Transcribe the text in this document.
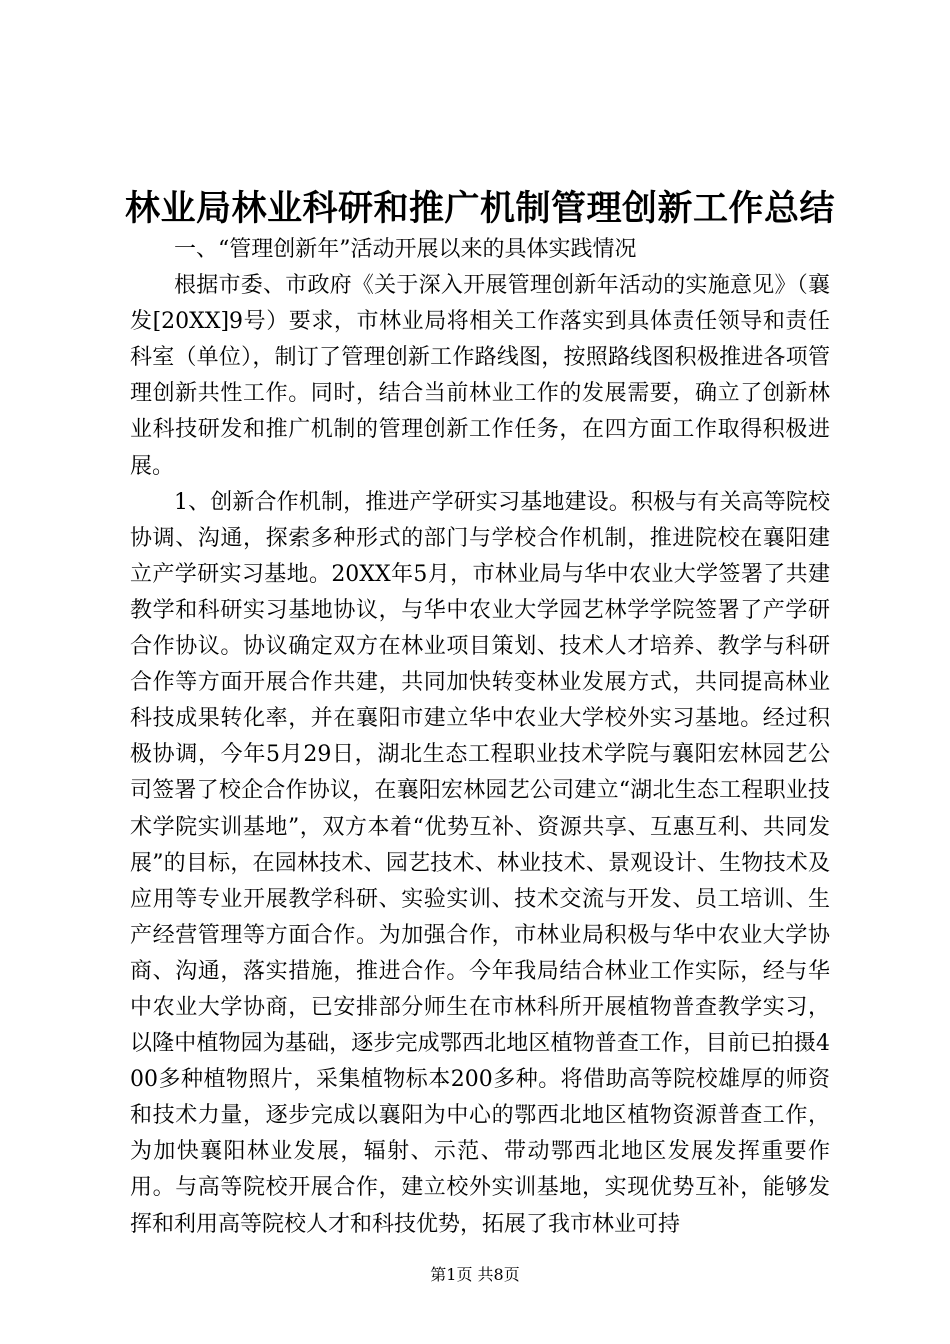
林业局林业科研和推广机制管理创新工作总结

一、“管理创新年”活动开展以来的具体实践情况

根据市委、市政府《关于深入开展管理创新年活动的实施意见》（襄发[20XX]9号）要求，市林业局将相关工作落实到具体责任领导和责任科室（单位），制订了管理创新工作路线图，按照路线图积极推进各项管理创新共性工作。同时，结合当前林业工作的发展需要，确立了创新林业科技研发和推广机制的管理创新工作任务，在四方面工作取得积极进展。

1、创新合作机制，推进产学研实习基地建设。积极与有关高等院校协调、沟通，探索多种形式的部门与学校合作机制，推进院校在襄阳建立产学研实习基地。20XX年5月，市林业局与华中农业大学签署了共建教学和科研实习基地协议，与华中农业大学园艺林学学院签署了产学研合作协议。协议确定双方在林业项目策划、技术人才培养、教学与科研合作等方面开展合作共建，共同加快转变林业发展方式，共同提高林业科技成果转化率，并在襄阳市建立华中农业大学校外实习基地。经过积极协调，今年5月29日，湖北生态工程职业技术学院与襄阳宏林园艺公司签署了校企合作协议，在襄阳宏林园艺公司建立“湖北生态工程职业技术学院实训基地”，双方本着“优势互补、资源共享、互惠互利、共同发展”的目标，在园林技术、园艺技术、林业技术、景观设计、生物技术及应用等专业开展教学科研、实验实训、技术交流与开发、员工培训、生产经营管理等方面合作。为加强合作，市林业局积极与华中农业大学协商、沟通，落实措施，推进合作。今年我局结合林业工作实际，经与华中农业大学协商，已安排部分师生在市林科所开展植物普查教学实习，以隆中植物园为基础，逐步完成鄂西北地区植物普查工作，目前已拍摄400多种植物照片，采集植物标本200多种。将借助高等院校雄厚的师资和技术力量，逐步完成以襄阳为中心的鄂西北地区植物资源普查工作，为加快襄阳林业发展，辐射、示范、带动鄂西北地区发展发挥重要作用。与高等院校开展合作，建立校外实训基地，实现优势互补，能够发挥和利用高等院校人才和科技优势，拓展了我市林业可持

第1页 共8页
